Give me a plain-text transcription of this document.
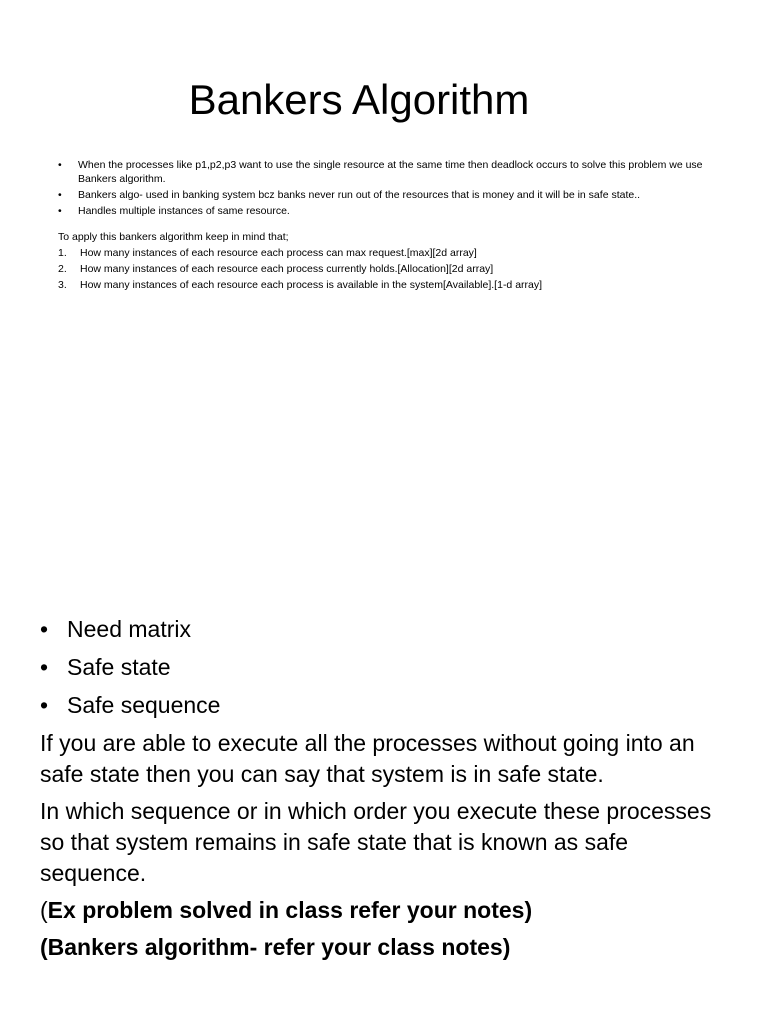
Bankers Algorithm
• When the processes like p1,p2,p3 want to use the single resource at the same time then deadlock occurs to solve this problem we use Bankers algorithm.
• Bankers algo- used in banking system bcz banks never run out of the resources that is money and it will be in safe state..
• Handles multiple instances of same resource.
To apply this bankers algorithm keep in mind that;
1. How many instances of each resource each process can max request.[max][2d array]
2. How many instances of each resource each process currently holds.[Allocation][2d array]
3. How many instances of each resource each process is available in the system[Available].[1-d array]
• Need matrix
• Safe state
• Safe sequence

If you are able to execute all the processes without going into an safe state then you can say that system is in safe state.

In which sequence or in which order you execute these processes so that system remains in safe state that is known as safe sequence.

(Ex problem solved in class refer your notes)

(Bankers algorithm- refer your class notes)
